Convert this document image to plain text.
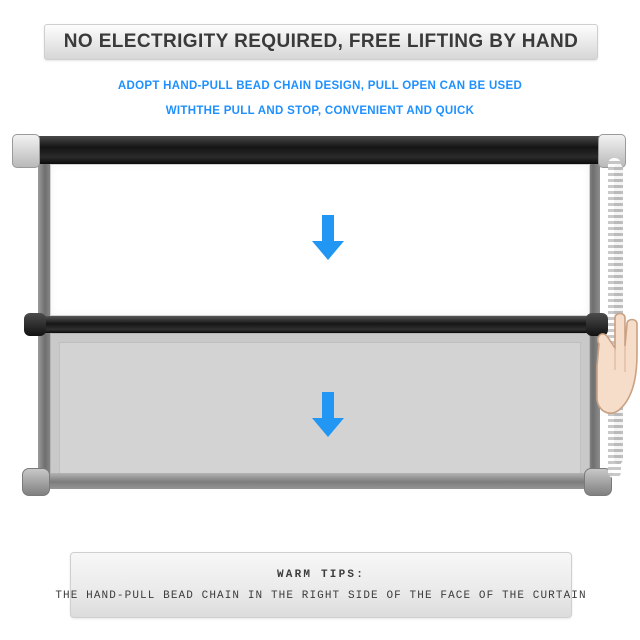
NO ELECTRIGITY REQUIRED, FREE LIFTING BY HAND
ADOPT HAND-PULL BEAD CHAIN DESIGN, PULL OPEN CAN BE USED
WITHTHE PULL AND STOP, CONVENIENT AND QUICK
WARM TIPS:
THE HAND-PULL BEAD CHAIN IN THE RIGHT SIDE OF THE FACE OF THE CURTAIN
